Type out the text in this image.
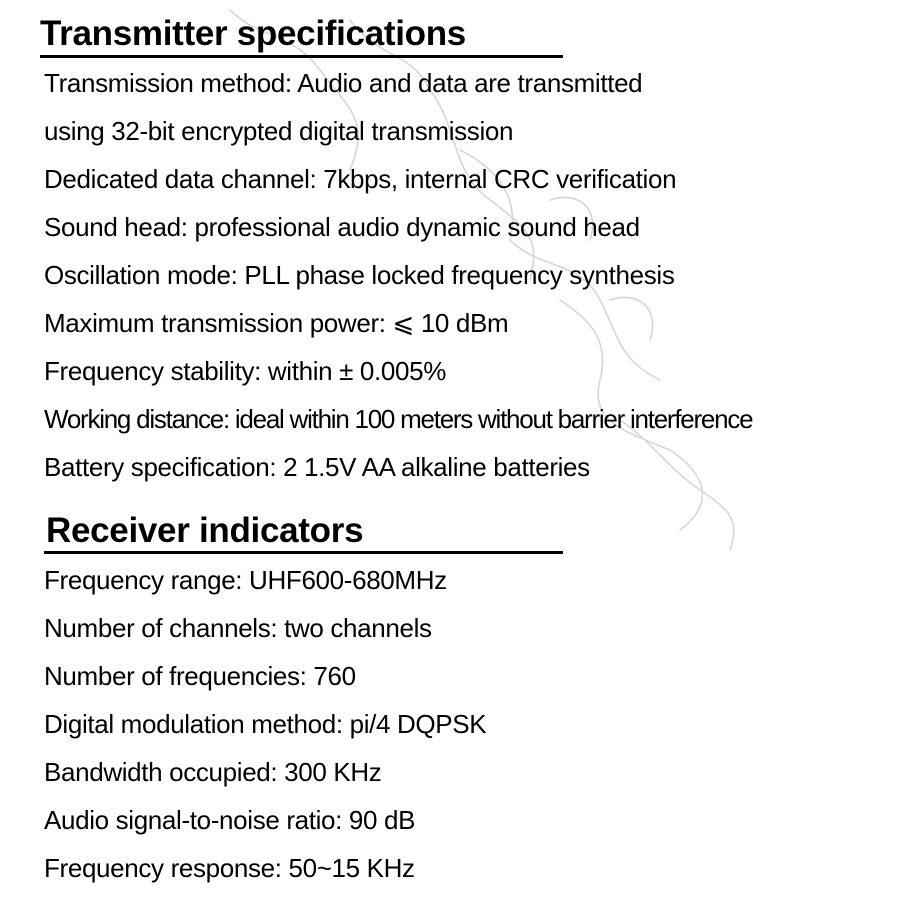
Transmitter specifications
Transmission method: Audio and data are transmitted
using 32-bit encrypted digital transmission
Dedicated data channel: 7kbps, internal CRC verification
Sound head: professional audio dynamic sound head
Oscillation mode: PLL phase locked frequency synthesis
Maximum transmission power: ⩽ 10 dBm
Frequency stability: within ± 0.005%
Working distance: ideal within 100 meters without barrier interference
Battery specification: 2 1.5V AA alkaline batteries
Receiver indicators
Frequency range: UHF600-680MHz
Number of channels: two channels
Number of frequencies: 760
Digital modulation method: pi/4 DQPSK
Bandwidth occupied: 300 KHz
Audio signal-to-noise ratio: 90 dB
Frequency response: 50~15 KHz
